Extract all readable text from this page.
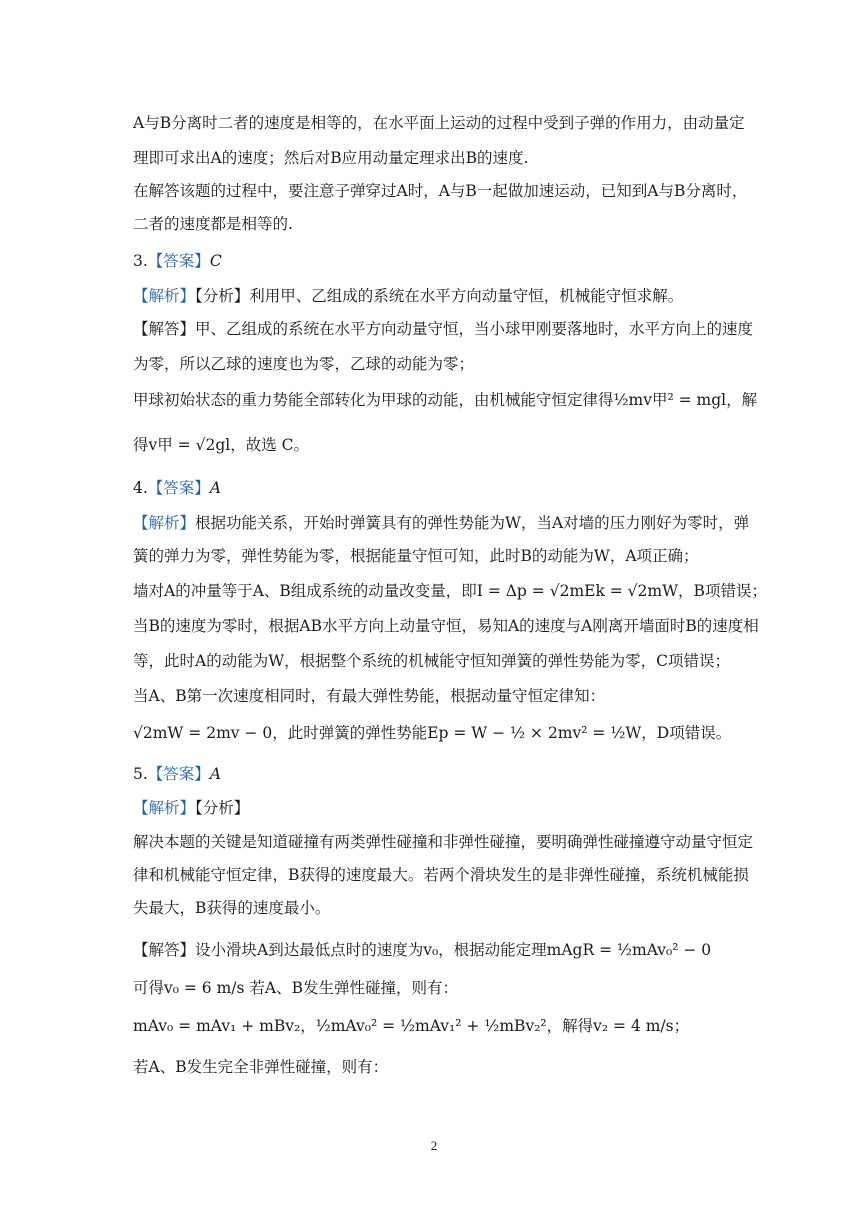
A与B分离时二者的速度是相等的，在水平面上运动的过程中受到子弹的作用力，由动量定
理即可求出A的速度；然后对B应用动量定理求出B的速度.
在解答该题的过程中，要注意子弹穿过A时，A与B一起做加速运动，已知到A与B分离时，
二者的速度都是相等的.
3.【答案】C
【解析】【分析】利用甲、乙组成的系统在水平方向动量守恒，机械能守恒求解。
【解答】甲、乙组成的系统在水平方向动量守恒，当小球甲刚要落地时，水平方向上的速度
为零，所以乙球的速度也为零，乙球的动能为零；
甲球初始状态的重力势能全部转化为甲球的动能，由机械能守恒定律得½mv甲² = mgl，解
得v甲 = √2gl，故选 C。
4.【答案】A
【解析】根据功能关系，开始时弹簧具有的弹性势能为W，当A对墙的压力刚好为零时，弹
簧的弹力为零，弹性势能为零，根据能量守恒可知，此时B的动能为W，A项正确；
墙对A的冲量等于A、B组成系统的动量改变量，即I = Δp = √2mEk = √2mW，B项错误；
当B的速度为零时，根据AB水平方向上动量守恒，易知A的速度与A刚离开墙面时B的速度相
等，此时A的动能为W，根据整个系统的机械能守恒知弹簧的弹性势能为零，C项错误；
当A、B第一次速度相同时，有最大弹性势能，根据动量守恒定律知：
√2mW = 2mv − 0，此时弹簧的弹性势能Ep = W − ½ × 2mv² = ½W，D项错误。
5.【答案】A
【解析】【分析】
解决本题的关键是知道碰撞有两类弹性碰撞和非弹性碰撞，要明确弹性碰撞遵守动量守恒定
律和机械能守恒定律，B获得的速度最大。若两个滑块发生的是非弹性碰撞，系统机械能损
失最大，B获得的速度最小。
【解答】设小滑块A到达最低点时的速度为v₀，根据动能定理mAgR = ½mAv₀² − 0
可得v₀ = 6 m/s 若A、B发生弹性碰撞，则有：
mAv₀ = mAv₁ + mBv₂，½mAv₀² = ½mAv₁² + ½mBv₂²，解得v₂ = 4 m/s；
若A、B发生完全非弹性碰撞，则有：
2
